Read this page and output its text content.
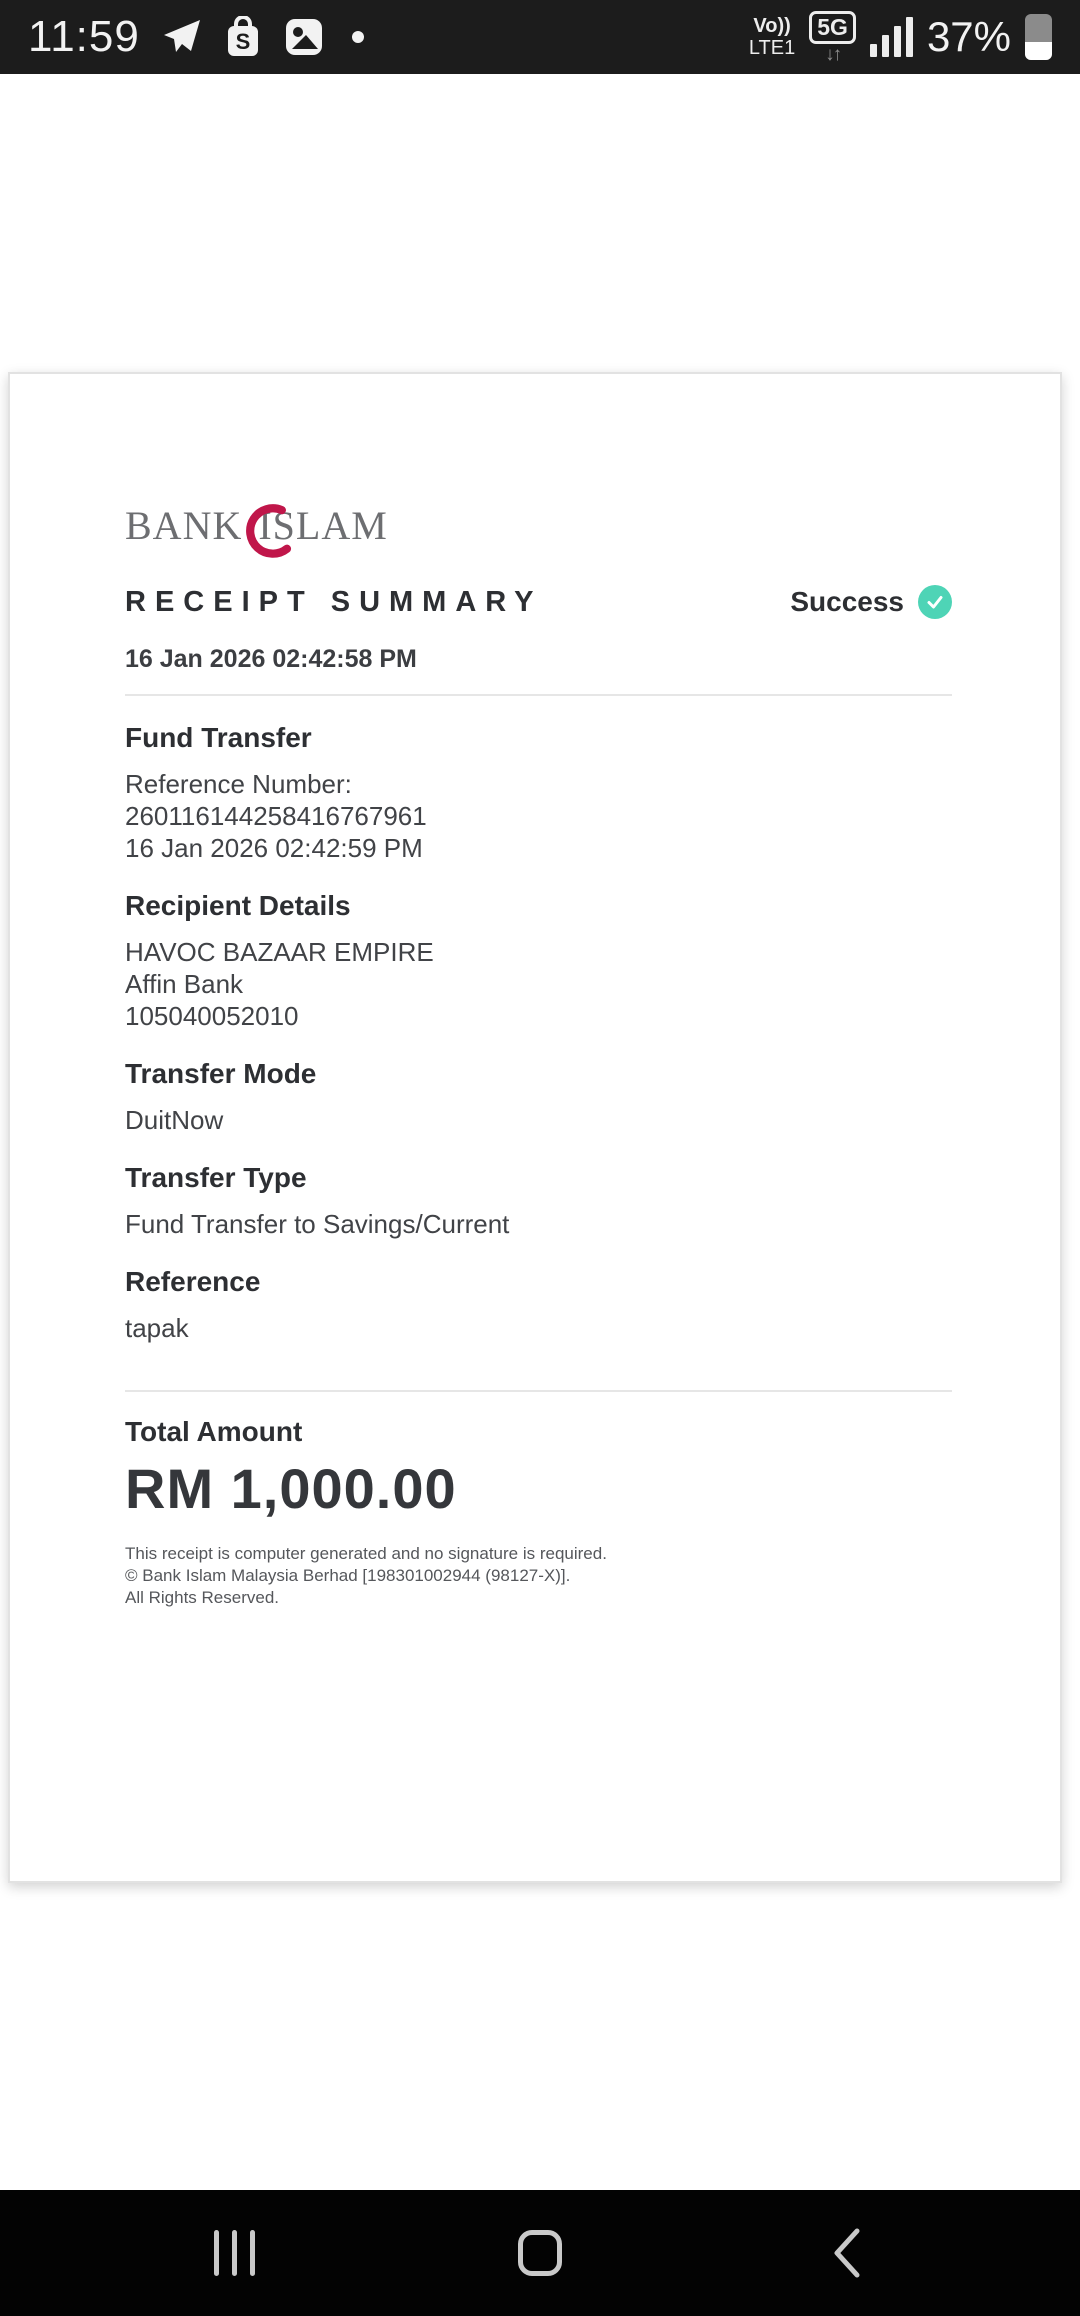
11:59	S
Vo))
LTE1
5G
↓↑ 37%
BANK ISLAM
RECEIPT SUMMARY	Success
16 Jan 2026 02:42:58 PM
Fund Transfer
Reference Number:
260116144258416767961
16 Jan 2026 02:42:59 PM
Recipient Details
HAVOC BAZAAR EMPIRE
Affin Bank
105040052010
Transfer Mode
DuitNow
Transfer Type
Fund Transfer to Savings/Current
Reference
tapak
Total Amount
RM 1,000.00
This receipt is computer generated and no signature is required.
© Bank Islam Malaysia Berhad [198301002944 (98127-X)].
All Rights Reserved.
